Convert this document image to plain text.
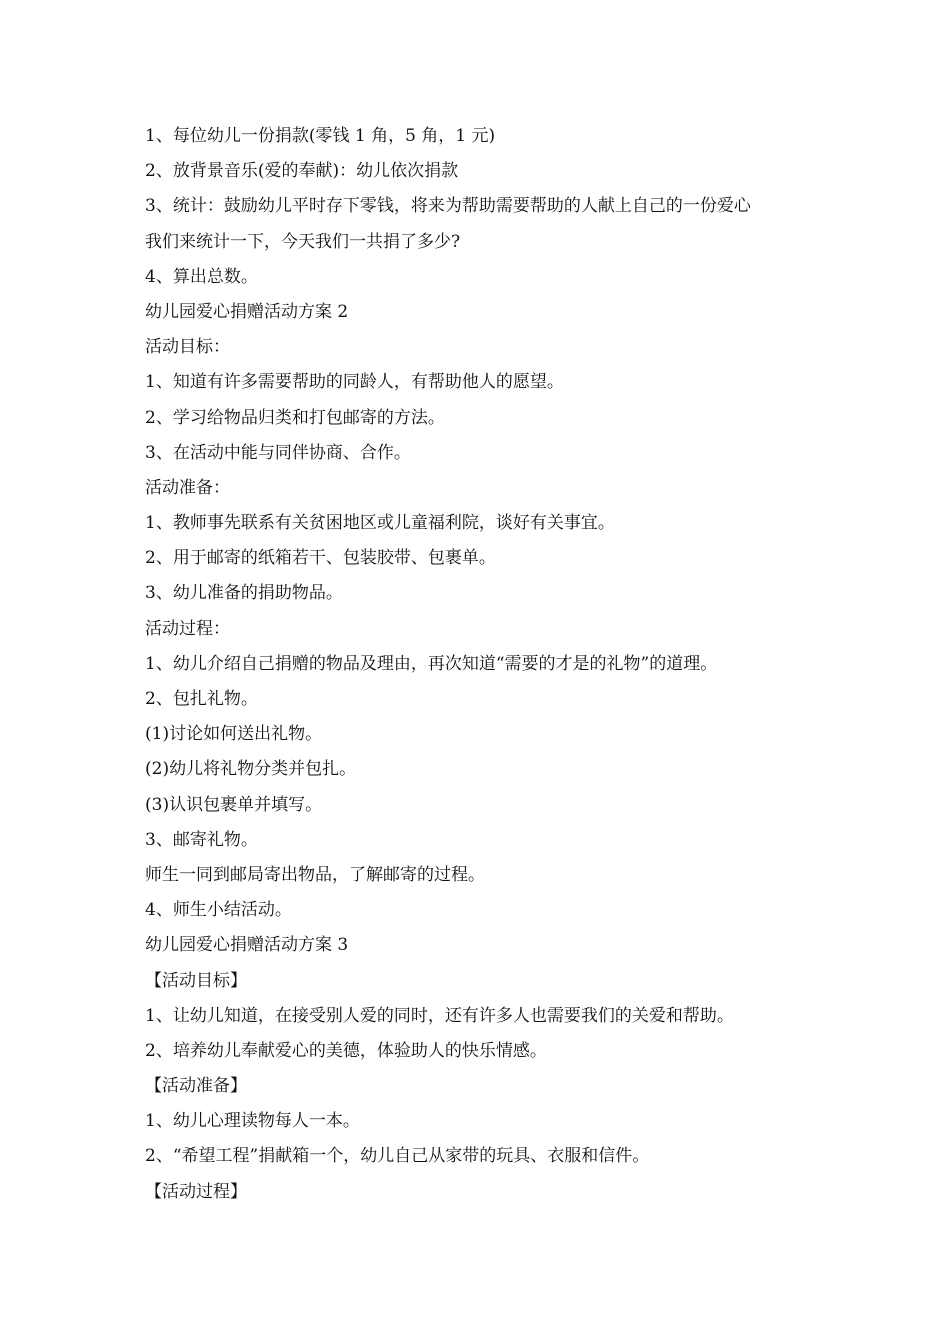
1、每位幼儿一份捐款(零钱 1 角，5 角，1 元)
2、放背景音乐(爱的奉献)：幼儿依次捐款
3、统计：鼓励幼儿平时存下零钱，将来为帮助需要帮助的人献上自己的一份爱心
我们来统计一下，今天我们一共捐了多少?
4、算出总数。
幼儿园爱心捐赠活动方案 2
活动目标：
1、知道有许多需要帮助的同龄人，有帮助他人的愿望。
2、学习给物品归类和打包邮寄的方法。
3、在活动中能与同伴协商、合作。
活动准备：
1、教师事先联系有关贫困地区或儿童福利院，谈好有关事宜。
2、用于邮寄的纸箱若干、包装胶带、包裹单。
3、幼儿准备的捐助物品。
活动过程：
1、幼儿介绍自己捐赠的物品及理由，再次知道“需要的才是的礼物”的道理。
2、包扎礼物。
(1)讨论如何送出礼物。
(2)幼儿将礼物分类并包扎。
(3)认识包裹单并填写。
3、邮寄礼物。
师生一同到邮局寄出物品，了解邮寄的过程。
4、师生小结活动。
幼儿园爱心捐赠活动方案 3
【活动目标】
1、让幼儿知道，在接受别人爱的同时，还有许多人也需要我们的关爱和帮助。
2、培养幼儿奉献爱心的美德，体验助人的快乐情感。
【活动准备】
1、幼儿心理读物每人一本。
2、“希望工程”捐献箱一个，幼儿自己从家带的玩具、衣服和信件。
【活动过程】
